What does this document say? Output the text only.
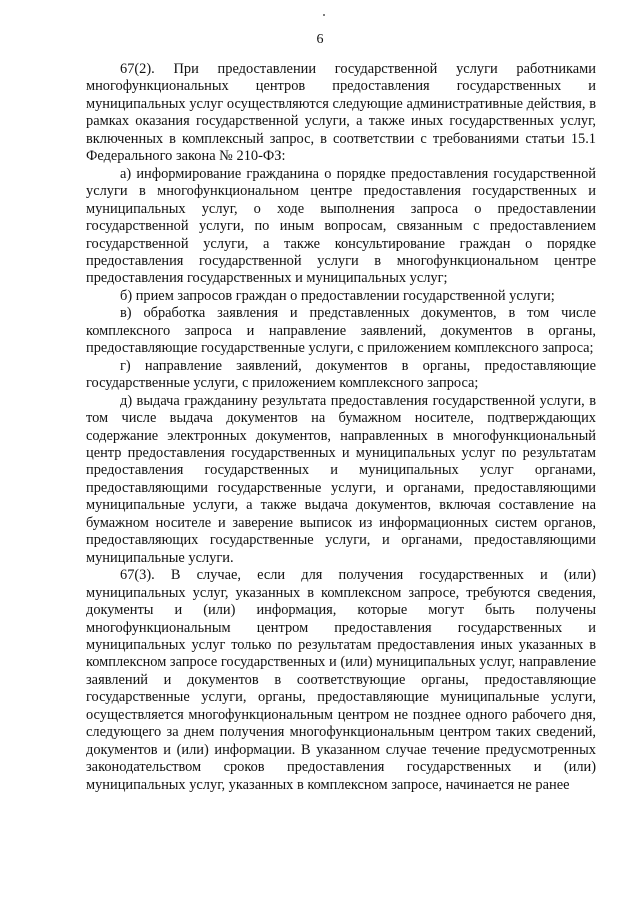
6

67(2). При предоставлении государственной услуги работниками многофункциональных центров предоставления государственных и муниципальных услуг осуществляются следующие административные действия, в рамках оказания государственной услуги, а также иных государственных услуг, включенных в комплексный запрос, в соответствии с требованиями статьи 15.1 Федерального закона № 210-ФЗ:

а) информирование гражданина о порядке предоставления государственной услуги в многофункциональном центре предоставления государственных и муниципальных услуг, о ходе выполнения запроса о предоставлении государственной услуги, по иным вопросам, связанным с предоставлением государственной услуги, а также консультирование граждан о порядке предоставления государственной услуги в многофункциональном центре предоставления государственных и муниципальных услуг;

б) прием запросов граждан о предоставлении государственной услуги;

в) обработка заявления и представленных документов, в том числе комплексного запроса и направление заявлений, документов в органы, предоставляющие государственные услуги, с приложением комплексного запроса;

г) направление заявлений, документов в органы, предоставляющие государственные услуги, с приложением комплексного запроса;

д) выдача гражданину результата предоставления государственной услуги, в том числе выдача документов на бумажном носителе, подтверждающих содержание электронных документов, направленных в многофункциональный центр предоставления государственных и муниципальных услуг по результатам предоставления государственных и муниципальных услуг органами, предоставляющими государственные услуги, и органами, предоставляющими муниципальные услуги, а также выдача документов, включая составление на бумажном носителе и заверение выписок из информационных систем органов, предоставляющих государственные услуги, и органами, предоставляющими муниципальные услуги.

67(3). В случае, если для получения государственных и (или) муниципальных услуг, указанных в комплексном запросе, требуются сведения, документы и (или) информация, которые могут быть получены многофункциональным центром предоставления государственных и муниципальных услуг только по результатам предоставления иных указанных в комплексном запросе государственных и (или) муниципальных услуг, направление заявлений и документов в соответствующие органы, предоставляющие государственные услуги, органы, предоставляющие муниципальные услуги, осуществляется многофункциональным центром не позднее одного рабочего дня, следующего за днем получения многофункциональным центром таких сведений, документов и (или) информации. В указанном случае течение предусмотренных законодательством сроков предоставления государственных и (или) муниципальных услуг, указанных в комплексном запросе, начинается не ранее
